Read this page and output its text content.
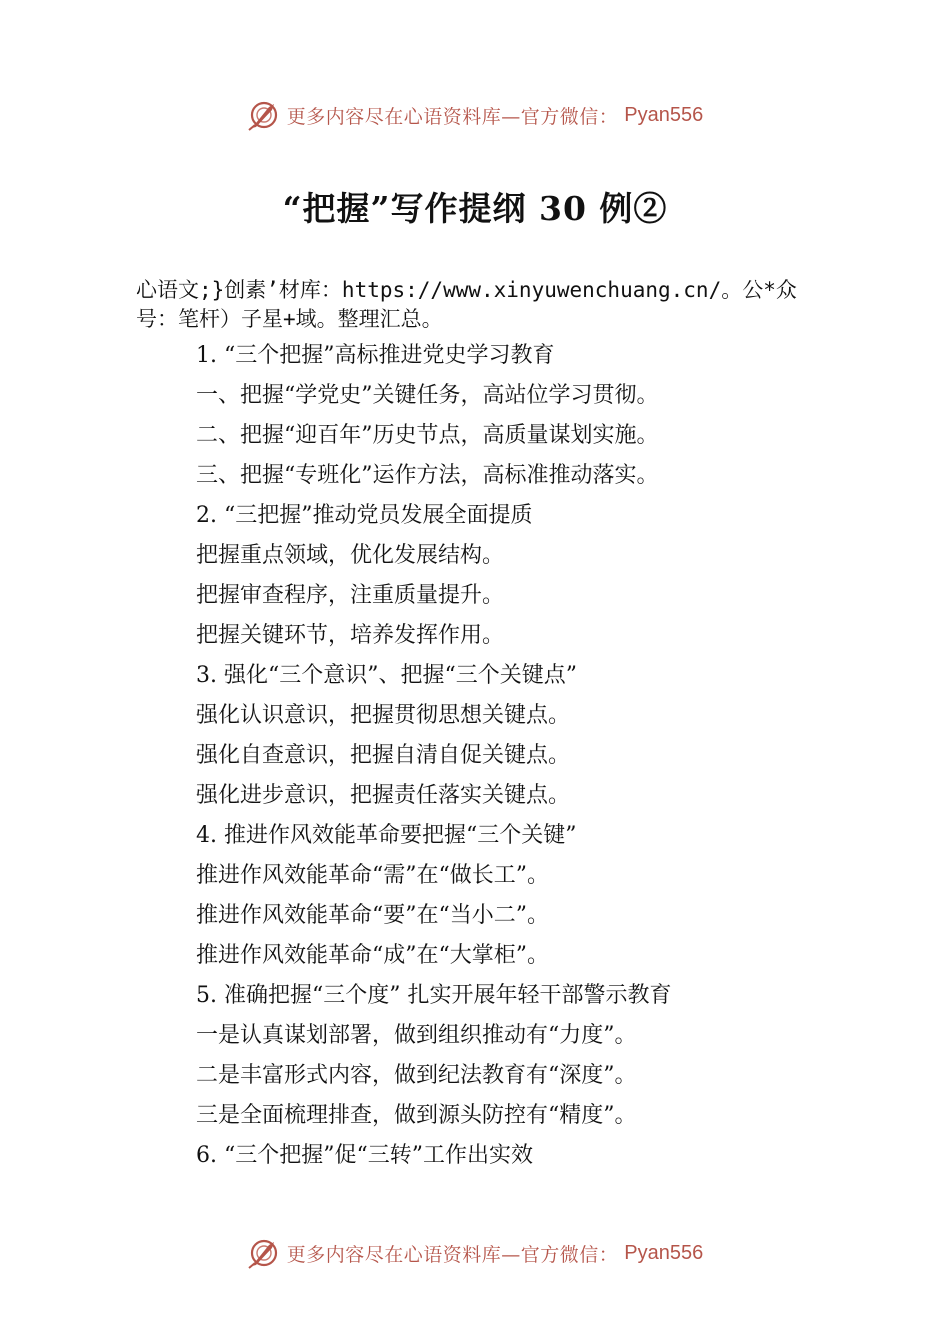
更多内容尽在心语资料库—官方微信： Pyan556
“把握”写作提纲 30 例②
心语文;}创素’材库：https://www.xinyuwenchuang.cn/。公*众号：笔杆）子星+域。整理汇总。
1. “三个把握”高标推进党史学习教育
一、把握“学党史”关键任务，高站位学习贯彻。
二、把握“迎百年”历史节点，高质量谋划实施。
三、把握“专班化”运作方法，高标准推动落实。
2. “三把握”推动党员发展全面提质
把握重点领域，优化发展结构。
把握审查程序，注重质量提升。
把握关键环节，培养发挥作用。
3. 强化“三个意识”、把握“三个关键点”
强化认识意识，把握贯彻思想关键点。
强化自查意识，把握自清自促关键点。
强化进步意识，把握责任落实关键点。
4. 推进作风效能革命要把握“三个关键”
推进作风效能革命“需”在“做长工”。
推进作风效能革命“要”在“当小二”。
推进作风效能革命“成”在“大掌柜”。
5. 准确把握“三个度” 扎实开展年轻干部警示教育
一是认真谋划部署，做到组织推动有“力度”。
二是丰富形式内容，做到纪法教育有“深度”。
三是全面梳理排查，做到源头防控有“精度”。
6. “三个把握”促“三转”工作出实效
更多内容尽在心语资料库—官方微信： Pyan556
